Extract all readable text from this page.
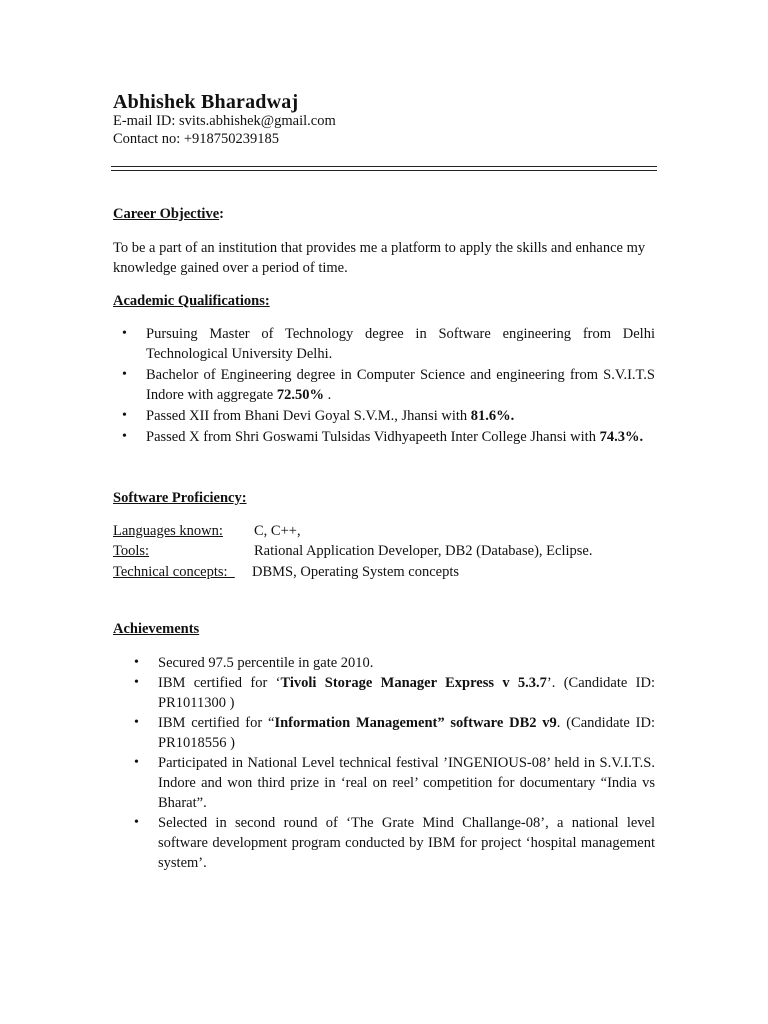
Abhishek Bharadwaj
E-mail ID: svits.abhishek@gmail.com
Contact no: +918750239185
Career Objective:
To be a part of an institution that provides me a platform to apply the skills and enhance my knowledge gained over a period of time.
Academic Qualifications:
• Pursuing Master of Technology degree in Software engineering from Delhi Technological University Delhi.
• Bachelor of Engineering degree in Computer Science and engineering from S.V.I.T.S Indore with aggregate 72.50% .
• Passed XII from Bhani Devi Goyal S.V.M., Jhansi with 81.6%.
• Passed X from Shri Goswami Tulsidas Vidhyapeeth Inter College Jhansi with 74.3%.
Software Proficiency:
Languages known: C, C++,
Tools:	Rational Application Developer, DB2 (Database), Eclipse.
Technical concepts: DBMS, Operating System concepts
Achievements
• Secured 97.5 percentile in gate 2010.
• IBM certified for ‘Tivoli Storage Manager Express v 5.3.7’. (Candidate ID: PR1011300 )
• IBM certified for “Information Management” software DB2 v9. (Candidate ID: PR1018556 )
• Participated in National Level technical festival ’INGENIOUS-08’ held in S.V.I.T.S. Indore and won third prize in ‘real on reel’ competition for documentary “India vs Bharat”.
• Selected in second round of ‘The Grate Mind Challange-08’, a national level software development program conducted by IBM for project ‘hospital management system’.
